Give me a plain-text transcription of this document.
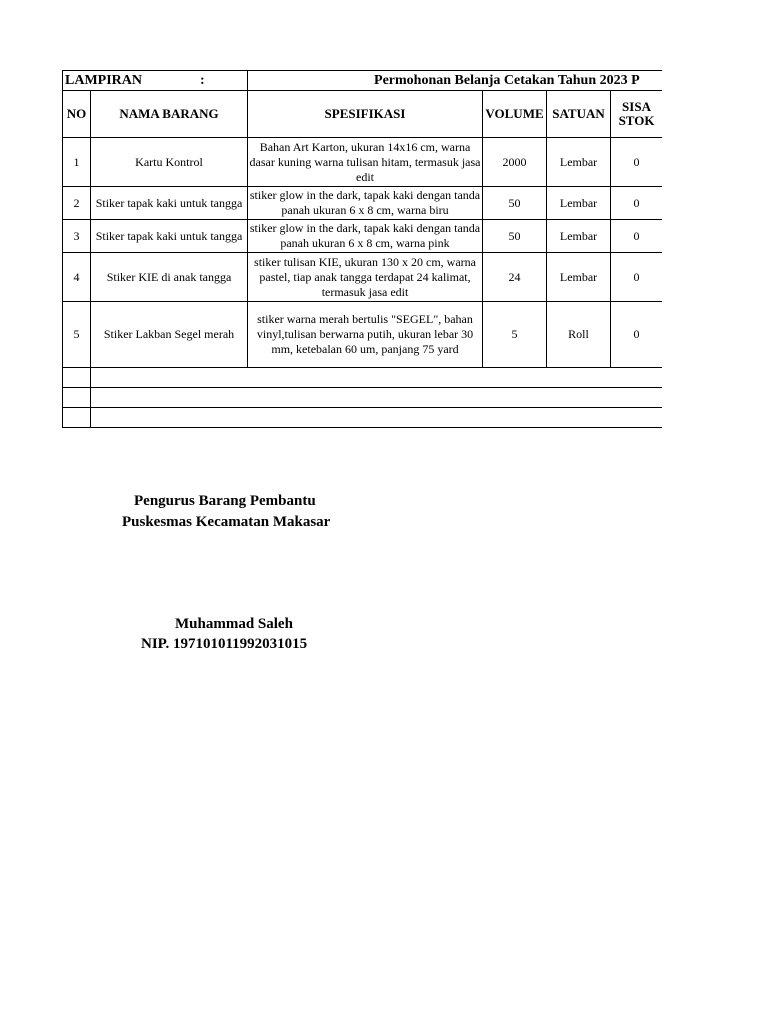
LAMPIRAN :		Permohonan Belanja Cetakan Tahun 2023 P				
NO	NAMA BARANG	SPESIFIKASI	VOLUME	SATUAN	SISA
STOK	
1	Kartu Kontrol	Bahan Art Karton, ukuran 14x16 cm, warna dasar kuning warna tulisan hitam, termasuk jasa edit	2000	Lembar	0	
2	Stiker tapak kaki untuk tangga	stiker glow in the dark, tapak kaki dengan tanda panah ukuran 6 x 8 cm, warna biru	50	Lembar	0	
3	Stiker tapak kaki untuk tangga	stiker glow in the dark, tapak kaki dengan tanda panah ukuran 6 x 8 cm, warna pink	50	Lembar	0	
4	Stiker KIE di anak tangga	stiker tulisan KIE, ukuran 130 x 20 cm, warna pastel, tiap anak tangga terdapat 24 kalimat, termasuk jasa edit	24	Lembar	0	
5	Stiker Lakban Segel merah	stiker warna merah bertulis "SEGEL", bahan vinyl,tulisan berwarna putih, ukuran lebar 30 mm, ketebalan 60 um, panjang 75 yard	5	Roll	0	

Pengurus Barang Pembantu
Puskesmas Kecamatan Makasar
Muhammad Saleh
NIP. 197101011992031015
